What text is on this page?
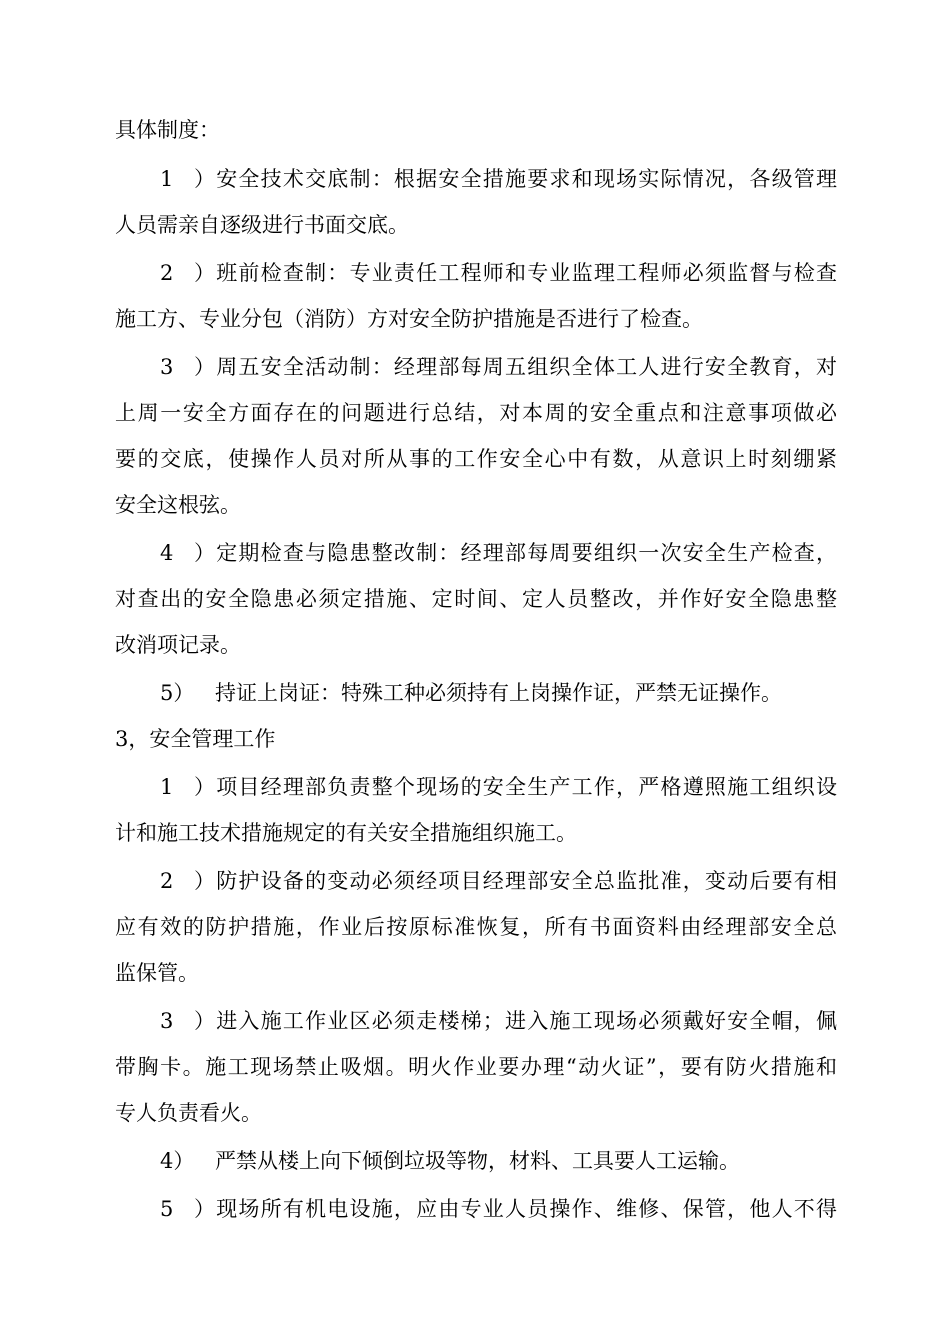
具体制度：
1）安全技术交底制：根据安全措施要求和现场实际情况，各级管理
人员需亲自逐级进行书面交底。
2）班前检查制：专业责任工程师和专业监理工程师必须监督与检查
施工方、专业分包（消防）方对安全防护措施是否进行了检查。
3）周五安全活动制：经理部每周五组织全体工人进行安全教育，对
上周一安全方面存在的问题进行总结，对本周的安全重点和注意事项做必
要的交底，使操作人员对所从事的工作安全心中有数，从意识上时刻绷紧
安全这根弦。
4）定期检查与隐患整改制：经理部每周要组织一次安全生产检查，
对查出的安全隐患必须定措施、定时间、定人员整改，并作好安全隐患整
改消项记录。
5） 持证上岗证：特殊工种必须持有上岗操作证，严禁无证操作。
3，安全管理工作
1）项目经理部负责整个现场的安全生产工作，严格遵照施工组织设
计和施工技术措施规定的有关安全措施组织施工。
2）防护设备的变动必须经项目经理部安全总监批准，变动后要有相
应有效的防护措施，作业后按原标准恢复，所有书面资料由经理部安全总
监保管。
3）进入施工作业区必须走楼梯；进入施工现场必须戴好安全帽，佩
带胸卡。施工现场禁止吸烟。明火作业要办理“动火证”，要有防火措施和
专人负责看火。
4） 严禁从楼上向下倾倒垃圾等物，材料、工具要人工运输。
5）现场所有机电设施，应由专业人员操作、维修、保管，他人不得
